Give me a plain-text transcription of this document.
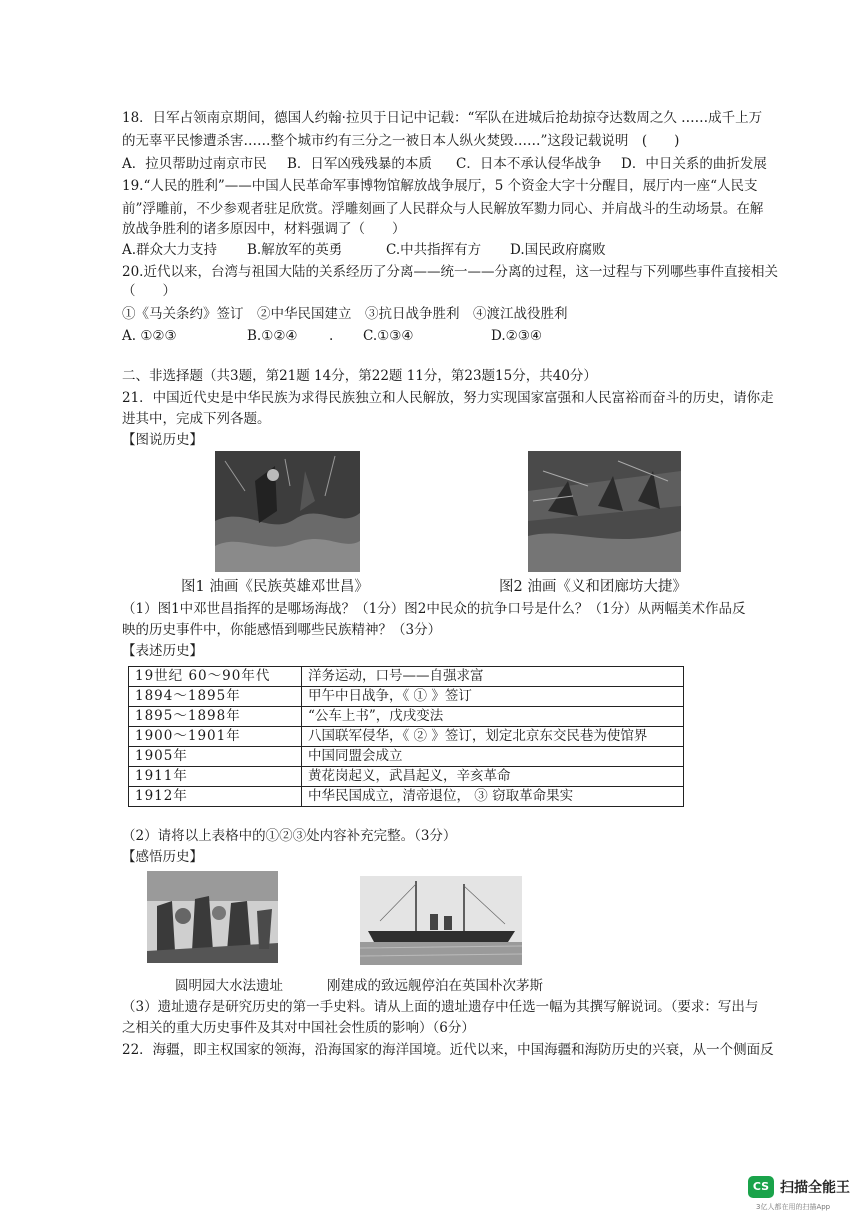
18．日军占领南京期间，德国人约翰·拉贝于日记中记载：“军队在进城后抢劫掠夺达数周之久 ……成千上万
的无辜平民惨遭杀害……整个城市约有三分之一被日本人纵火焚毁……”这段记载说明　(　　)
A．拉贝帮助过南京市民 B．日军凶残残暴的本质 C．日本不承认侵华战争 D．中日关系的曲折发展
19.“人民的胜利”——中国人民革命军事博物馆解放战争展厅，5 个资金大字十分醒目，展厅内一座“人民支
前”浮雕前，不少参观者驻足欣赏。浮雕刻画了人民群众与人民解放军勠力同心、并肩战斗的生动场景。在解
放战争胜利的诸多原因中，材料强调了（　　）
A.群众大力支持 B.解放军的英勇	C.中共指挥有方 D.国民政府腐败
20.近代以来，台湾与祖国大陆的关系经历了分离——统一——分离的过程，这一过程与下列哪些事件直接相关
（　　）
①《马关条约》签订　②中华民国建立　③抗日战争胜利　④渡江战役胜利
A. ①②③	B.①②④ . C.①③④	D.②③④
二、非选择题（共3题，第21题 14分，第22题 11分，第23题15分，共40分）
21．中国近代史是中华民族为求得民族独立和人民解放，努力实现国家富强和人民富裕而奋斗的历史，请你走
进其中，完成下列各题。
【图说历史】
图1 油画《民族英雄邓世昌》	图2 油画《义和团廊坊大捷》
（1）图1中邓世昌指挥的是哪场海战？（1分）图2中民众的抗争口号是什么？（1分）从两幅美术作品反
映的历史事件中，你能感悟到哪些民族精神？（3分）
【表述历史】
19世纪 60～90年代	洋务运动，口号——自强求富
1894～1895年	甲午中日战争，《 ① 》签订
1895～1898年	“公车上书”，戊戌变法
1900～1901年	八国联军侵华，《 ② 》签订，划定北京东交民巷为使馆界
1905年	中国同盟会成立
1911年	黄花岗起义，武昌起义，辛亥革命
1912年	中华民国成立，清帝退位， ③ 窃取革命果实
（2）请将以上表格中的①②③处内容补充完整。（3分）
【感悟历史】
圆明园大水法遗址	刚建成的致远舰停泊在英国朴次茅斯
（3）遗址遗存是研究历史的第一手史料。请从上面的遗址遗存中任选一幅为其撰写解说词。（要求：写出与
之相关的重大历史事件及其对中国社会性质的影响）（6分）
22．海疆，即主权国家的领海，沿海国家的海洋国境。近代以来，中国海疆和海防历史的兴衰，从一个侧面反
CS 扫描全能王
3亿人都在用的扫描App
